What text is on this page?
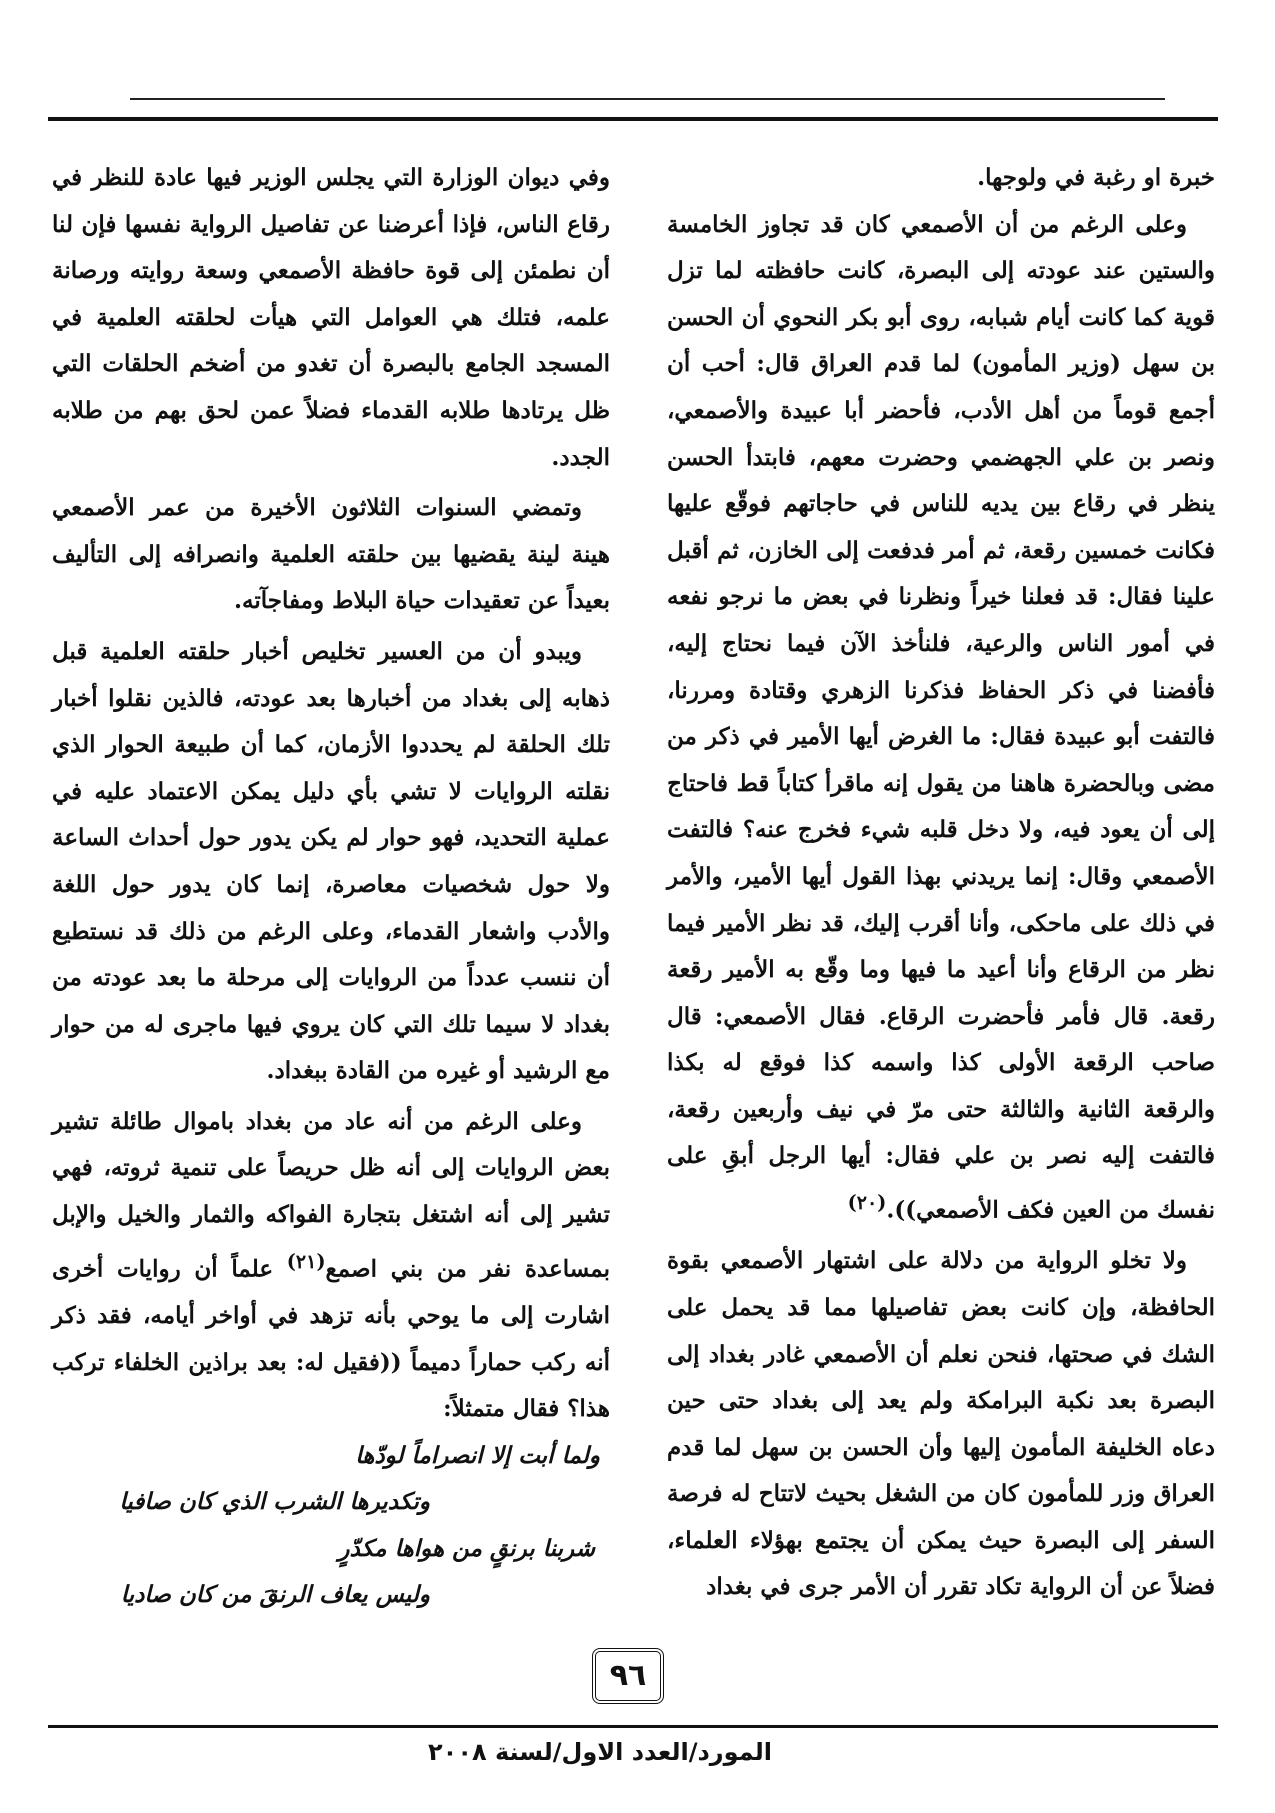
خبرة او رغبة في ولوجها.

وعلى الرغم من أن الأصمعي كان قد تجاوز الخامسة والستين عند عودته إلى البصرة، كانت حافظته لما تزل قوية كما كانت أيام شبابه، روى أبو بكر النحوي أن الحسن بن سهل (وزير المأمون) لما قدم العراق قال: أحب أن أجمع قوماً من أهل الأدب، فأحضر أبا عبيدة والأصمعي، ونصر بن علي الجهضمي وحضرت معهم، فابتدأ الحسن ينظر في رقاع بين يديه للناس في حاجاتهم فوقّع عليها فكانت خمسين رقعة، ثم أمر فدفعت إلى الخازن، ثم أقبل علينا فقال: قد فعلنا خيراً ونظرنا في بعض ما نرجو نفعه في أمور الناس والرعية، فلنأخذ الآن فيما نحتاج إليه، فأفضنا في ذكر الحفاظ فذكرنا الزهري وقتادة ومررنا، فالتفت أبو عبيدة فقال: ما الغرض أيها الأمير في ذكر من مضى وبالحضرة هاهنا من يقول إنه ماقرأ كتاباً قط فاحتاج إلى أن يعود فيه، ولا دخل قلبه شيء فخرج عنه؟ فالتفت الأصمعي وقال: إنما يريدني بهذا القول أيها الأمير، والأمر في ذلك على ماحكى، وأنا أقرب إليك، قد نظر الأمير فيما نظر من الرقاع وأنا أعيد ما فيها وما وقّع به الأمير رقعة رقعة. قال فأمر فأحضرت الرقاع. فقال الأصمعي: قال صاحب الرقعة الأولى كذا واسمه كذا فوقع له بكذا والرقعة الثانية والثالثة حتى مرّ في نيف وأربعين رقعة، فالتفت إليه نصر بن علي فقال: أيها الرجل أبقِ على نفسك من العين فكف الأصمعي)).$^{(٢٠)}$

ولا تخلو الرواية من دلالة على اشتهار الأصمعي بقوة الحافظة، وإن كانت بعض تفاصيلها مما قد يحمل على الشك في صحتها، فنحن نعلم أن الأصمعي غادر بغداد إلى البصرة بعد نكبة البرامكة ولم يعد إلى بغداد حتى حين دعاه الخليفة المأمون إليها وأن الحسن بن سهل لما قدم العراق وزر للمأمون كان من الشغل بحيث لاتتاح له فرصة السفر إلى البصرة حيث يمكن أن يجتمع بهؤلاء العلماء، فضلاً عن أن الرواية تكاد تقرر أن الأمر جرى في بغداد

وفي ديوان الوزارة التي يجلس الوزير فيها عادة للنظر في رقاع الناس، فإذا أعرضنا عن تفاصيل الرواية نفسها فإن لنا أن نطمئن إلى قوة حافظة الأصمعي وسعة روايته ورصانة علمه، فتلك هي العوامل التي هيأت لحلقته العلمية في المسجد الجامع بالبصرة أن تغدو من أضخم الحلقات التي ظل يرتادها طلابه القدماء فضلاً عمن لحق بهم من طلابه الجدد.

وتمضي السنوات الثلاثون الأخيرة من عمر الأصمعي هينة لينة يقضيها بين حلقته العلمية وانصرافه إلى التأليف بعيداً عن تعقيدات حياة البلاط ومفاجآته.

ويبدو أن من العسير تخليص أخبار حلقته العلمية قبل ذهابه إلى بغداد من أخبارها بعد عودته، فالذين نقلوا أخبار تلك الحلقة لم يحددوا الأزمان، كما أن طبيعة الحوار الذي نقلته الروايات لا تشي بأي دليل يمكن الاعتماد عليه في عملية التحديد، فهو حوار لم يكن يدور حول أحداث الساعة ولا حول شخصيات معاصرة، إنما كان يدور حول اللغة والأدب واشعار القدماء، وعلى الرغم من ذلك قد نستطيع أن ننسب عدداً من الروايات إلى مرحلة ما بعد عودته من بغداد لا سيما تلك التي كان يروي فيها ماجرى له من حوار مع الرشيد أو غيره من القادة ببغداد.

وعلى الرغم من أنه عاد من بغداد باموال طائلة تشير بعض الروايات إلى أنه ظل حريصاً على تنمية ثروته، فهي تشير إلى أنه اشتغل بتجارة الفواكه والثمار والخيل والإبل بمساعدة نفر من بني اصمع$^{(٢١)}$ علماً أن روايات أخرى اشارت إلى ما يوحي بأنه تزهد في أواخر أيامه، فقد ذكر أنه ركب حماراً دميماً ((فقيل له: بعد براذين الخلفاء تركب هذا؟ فقال متمثلاً:

ولما أبت إلا انصراماً لودّها

وتكديرها الشرب الذي كان صافيا

شربنا برنقٍ من هواها مكدّرٍ

وليس يعاف الرنقَ من كان صاديا

٩٦
المورد/العدد الاول/لسنة ٢٠٠٨
